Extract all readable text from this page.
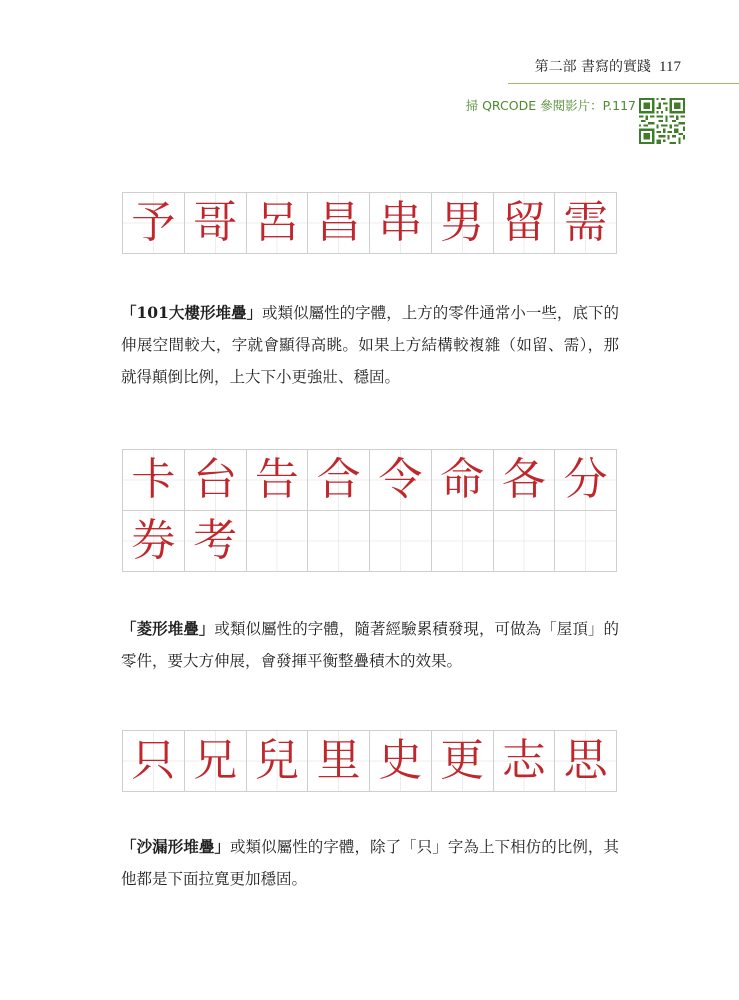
第二部 書寫的實踐 117
掃 QRCODE 參閱影片：P.117
予 哥 呂 昌 串 男 留 需

「101大樓形堆疊」或類似屬性的字體，上方的零件通常小一些，底下的伸展空間較大，字就會顯得高眺。如果上方結構較複雜（如留、需），那就得顛倒比例，上大下小更強壯、穩固。

卡 台 告 合 令 命 各 分
券 考

「菱形堆疊」或類似屬性的字體，隨著經驗累積發現，可做為「屋頂」的零件，要大方伸展，會發揮平衡整疊積木的效果。

只 兄 兒 里 史 更 志 思

「沙漏形堆疊」或類似屬性的字體，除了「只」字為上下相仿的比例，其他都是下面拉寬更加穩固。
